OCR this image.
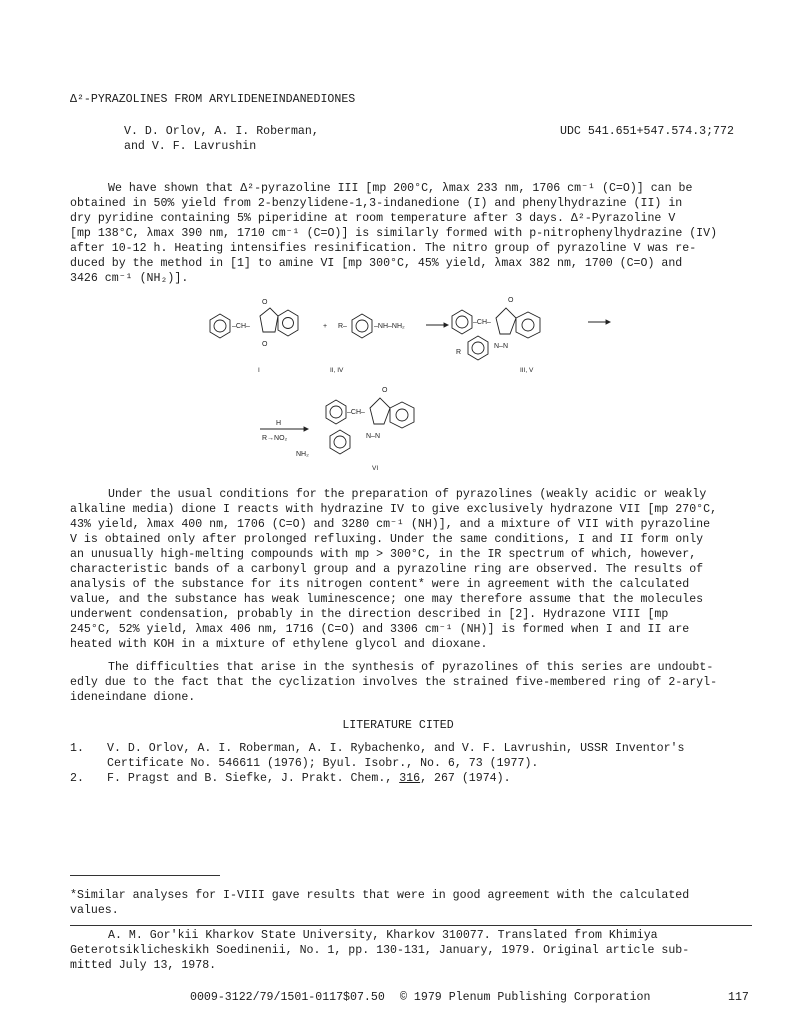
Δ²-PYRAZOLINES FROM ARYLIDENEINDANEDIONES
V. D. Orlov, A. I. Roberman,
and V. F. Lavrushin
UDC 541.651+547.574.3;772
We have shown that Δ²-pyrazoline III [mp 200°C, λmax 233 nm, 1706 cm⁻¹ (C=O)] can be
obtained in 50% yield from 2-benzylidene-1,3-indanedione (I) and phenylhydrazine (II) in
dry pyridine containing 5% piperidine at room temperature after 3 days. Δ²-Pyrazoline V
[mp 138°C, λmax 390 nm, 1710 cm⁻¹ (C=O)] is similarly formed with p-nitrophenylhydrazine (IV)
after 10-12 h. Heating intensifies resinification. The nitro group of pyrazoline V was re-
duced by the method in [1] to amine VI [mp 300°C, 45% yield, λmax 382 nm, 1700 (C=O) and
3426 cm⁻¹ (NH₂)].
–CH–
O
O
I
+ R–	–NH–NH₂
II, IV
–CH–
O
N–N
R
III, V
H
R→NO₂
–CH–
O
N–N
NH₂
VI
Under the usual conditions for the preparation of pyrazolines (weakly acidic or weakly
alkaline media) dione I reacts with hydrazine IV to give exclusively hydrazone VII [mp 270°C,
43% yield, λmax 400 nm, 1706 (C=O) and 3280 cm⁻¹ (NH)], and a mixture of VII with pyrazoline
V is obtained only after prolonged refluxing. Under the same conditions, I and II form only
an unusually high-melting compounds with mp > 300°C, in the IR spectrum of which, however,
characteristic bands of a carbonyl group and a pyrazoline ring are observed. The results of
analysis of the substance for its nitrogen content* were in agreement with the calculated
value, and the substance has weak luminescence; one may therefore assume that the molecules
underwent condensation, probably in the direction described in [2]. Hydrazone VIII [mp
245°C, 52% yield, λmax 406 nm, 1716 (C=O) and 3306 cm⁻¹ (NH)] is formed when I and II are
heated with KOH in a mixture of ethylene glycol and dioxane.
The difficulties that arise in the synthesis of pyrazolines of this series are undoubt-
edly due to the fact that the cyclization involves the strained five-membered ring of 2-aryl-
ideneindane dione.
LITERATURE CITED
1. V. D. Orlov, A. I. Roberman, A. I. Rybachenko, and V. F. Lavrushin, USSR Inventor's
Certificate No. 546611 (1976); Byul. Isobr., No. 6, 73 (1977).
2. F. Pragst and B. Siefke, J. Prakt. Chem., 316, 267 (1974).
*Similar analyses for I-VIII gave results that were in good agreement with the calculated
values.
A. M. Gor'kii Kharkov State University, Kharkov 310077. Translated from Khimiya
Geterotsiklicheskikh Soedinenii, No. 1, pp. 130-131, January, 1979. Original article sub-
mitted July 13, 1978.
0009-3122/79/1501-0117$07.50 © 1979 Plenum Publishing Corporation	117
